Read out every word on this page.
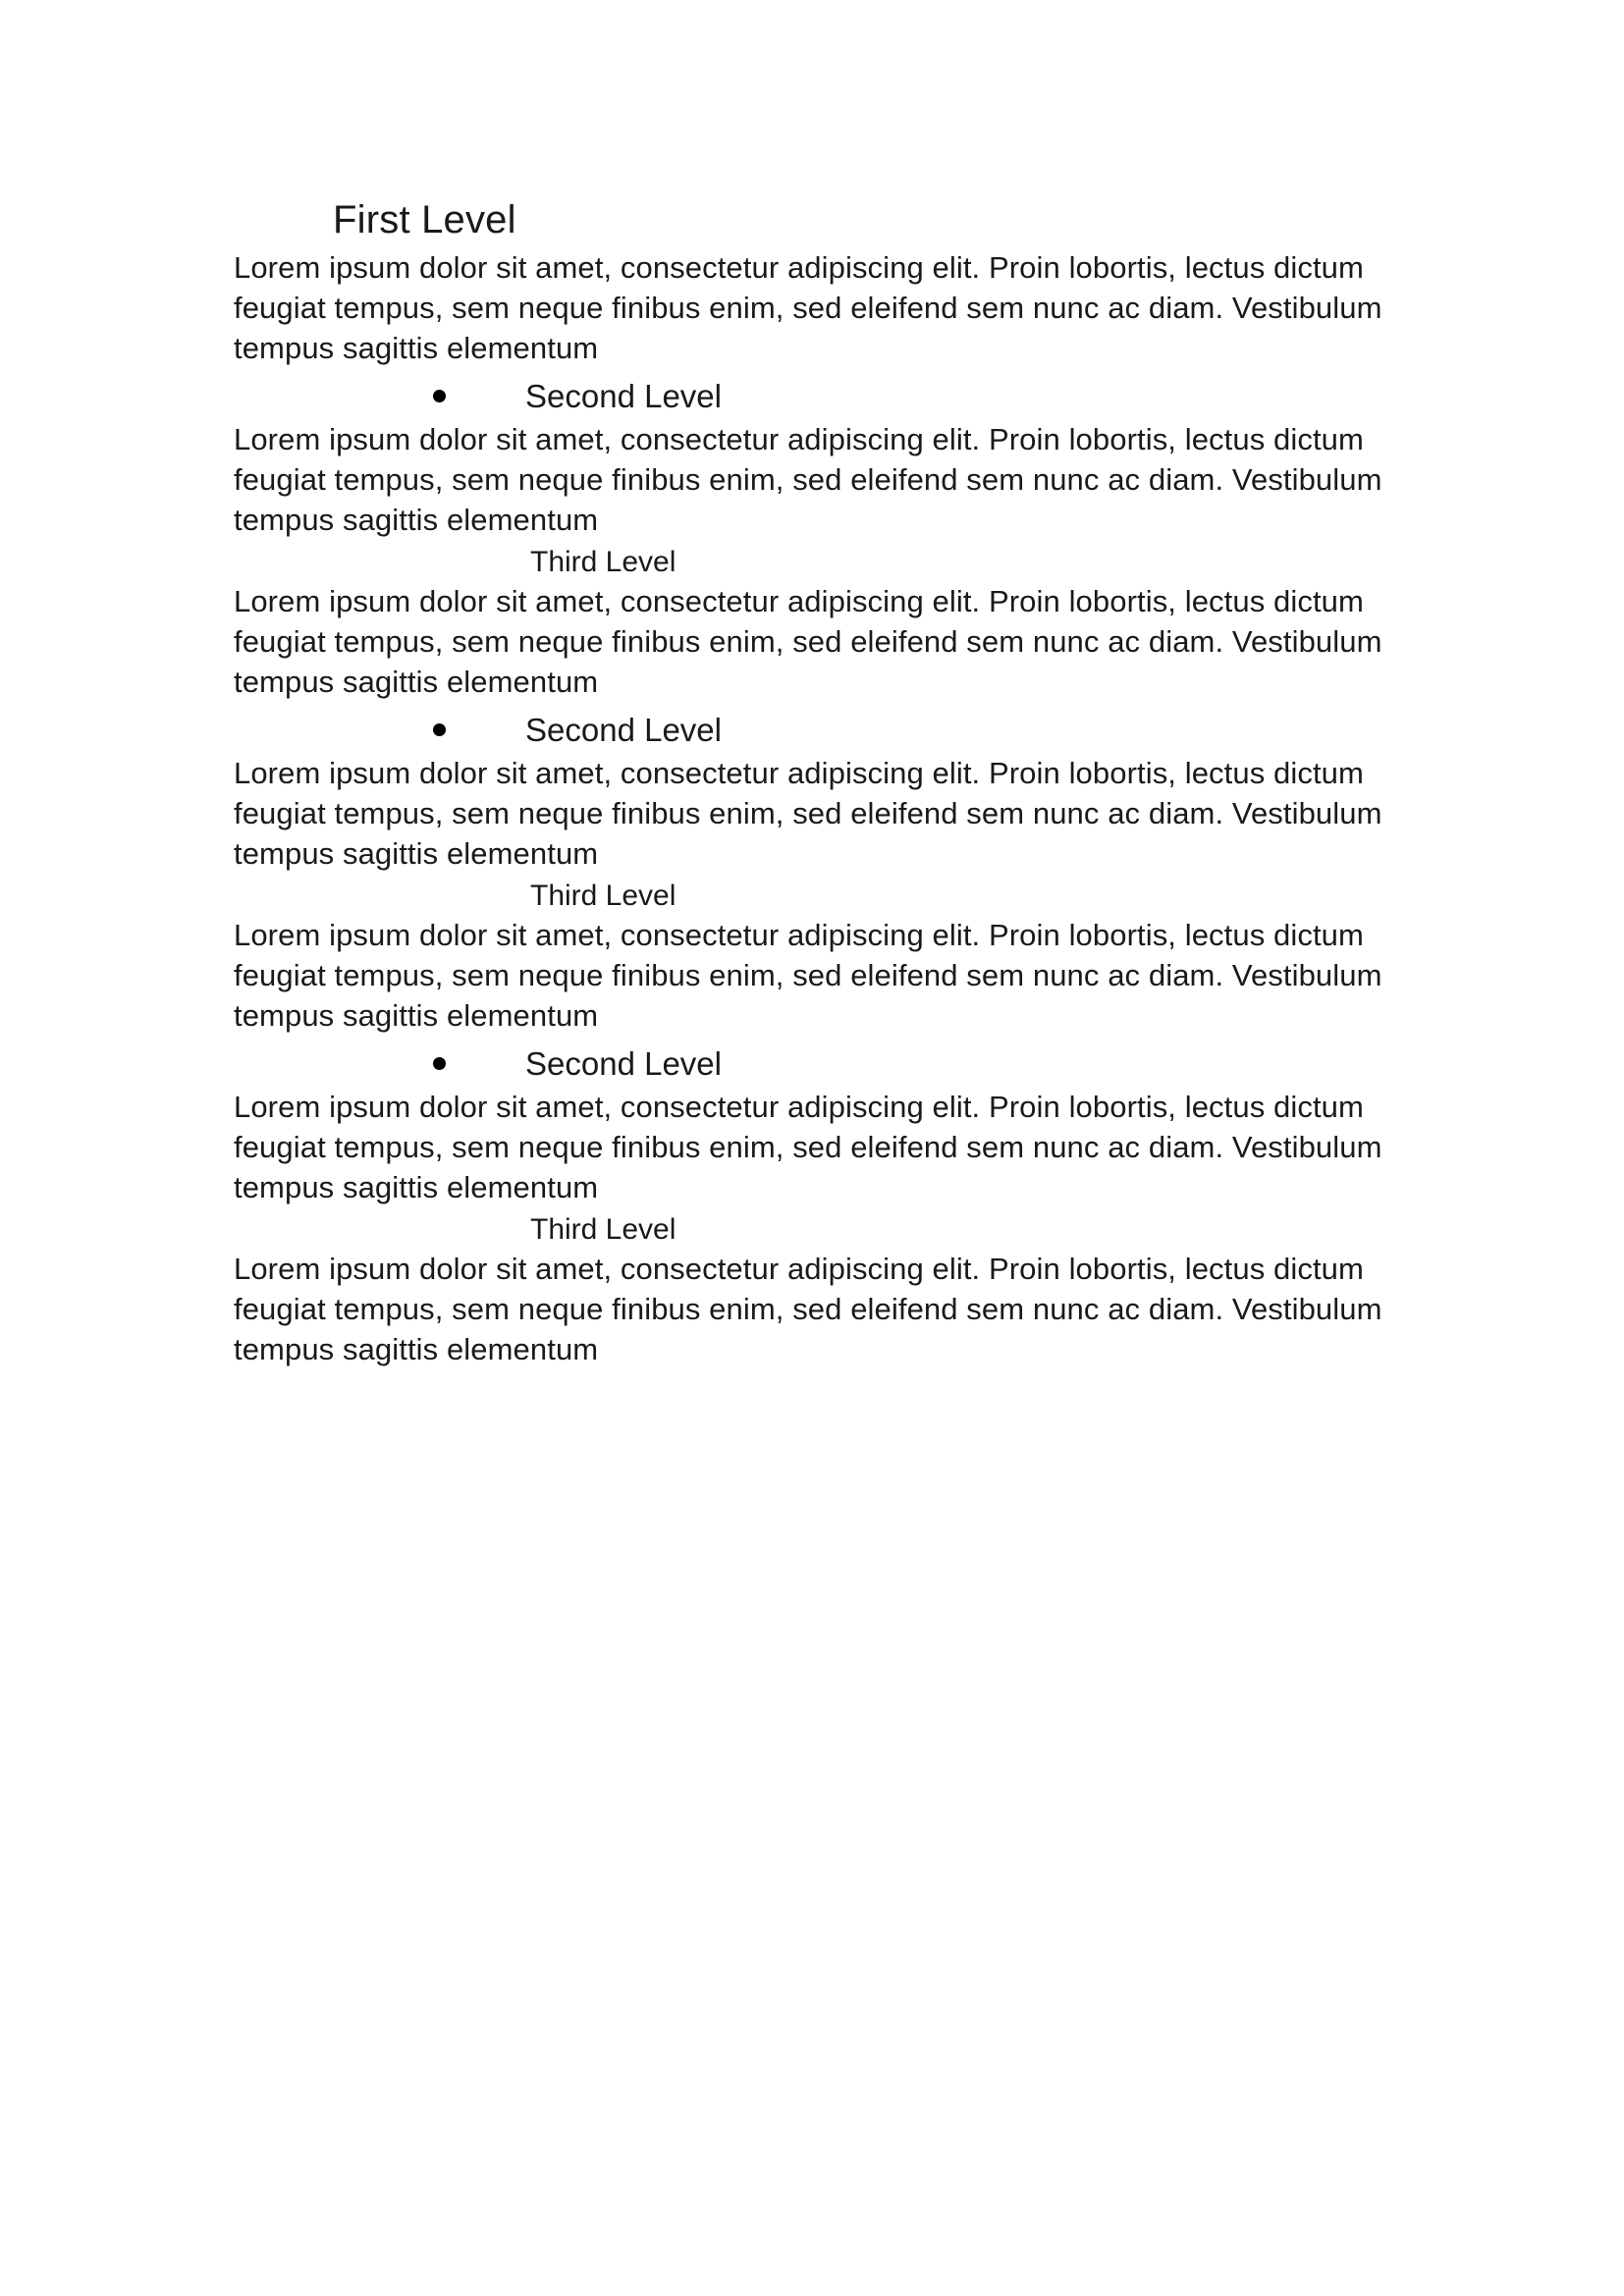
First Level

Lorem ipsum dolor sit amet, consectetur adipiscing elit. Proin lobortis, lectus dictum
feugiat tempus, sem neque finibus enim, sed eleifend sem nunc ac diam. Vestibulum
tempus sagittis elementum

Second Level

Lorem ipsum dolor sit amet, consectetur adipiscing elit. Proin lobortis, lectus dictum
feugiat tempus, sem neque finibus enim, sed eleifend sem nunc ac diam. Vestibulum
tempus sagittis elementum

Third Level

Lorem ipsum dolor sit amet, consectetur adipiscing elit. Proin lobortis, lectus dictum
feugiat tempus, sem neque finibus enim, sed eleifend sem nunc ac diam. Vestibulum
tempus sagittis elementum

Second Level

Lorem ipsum dolor sit amet, consectetur adipiscing elit. Proin lobortis, lectus dictum
feugiat tempus, sem neque finibus enim, sed eleifend sem nunc ac diam. Vestibulum
tempus sagittis elementum

Third Level

Lorem ipsum dolor sit amet, consectetur adipiscing elit. Proin lobortis, lectus dictum
feugiat tempus, sem neque finibus enim, sed eleifend sem nunc ac diam. Vestibulum
tempus sagittis elementum

Second Level

Lorem ipsum dolor sit amet, consectetur adipiscing elit. Proin lobortis, lectus dictum
feugiat tempus, sem neque finibus enim, sed eleifend sem nunc ac diam. Vestibulum
tempus sagittis elementum

Third Level

Lorem ipsum dolor sit amet, consectetur adipiscing elit. Proin lobortis, lectus dictum
feugiat tempus, sem neque finibus enim, sed eleifend sem nunc ac diam. Vestibulum
tempus sagittis elementum
